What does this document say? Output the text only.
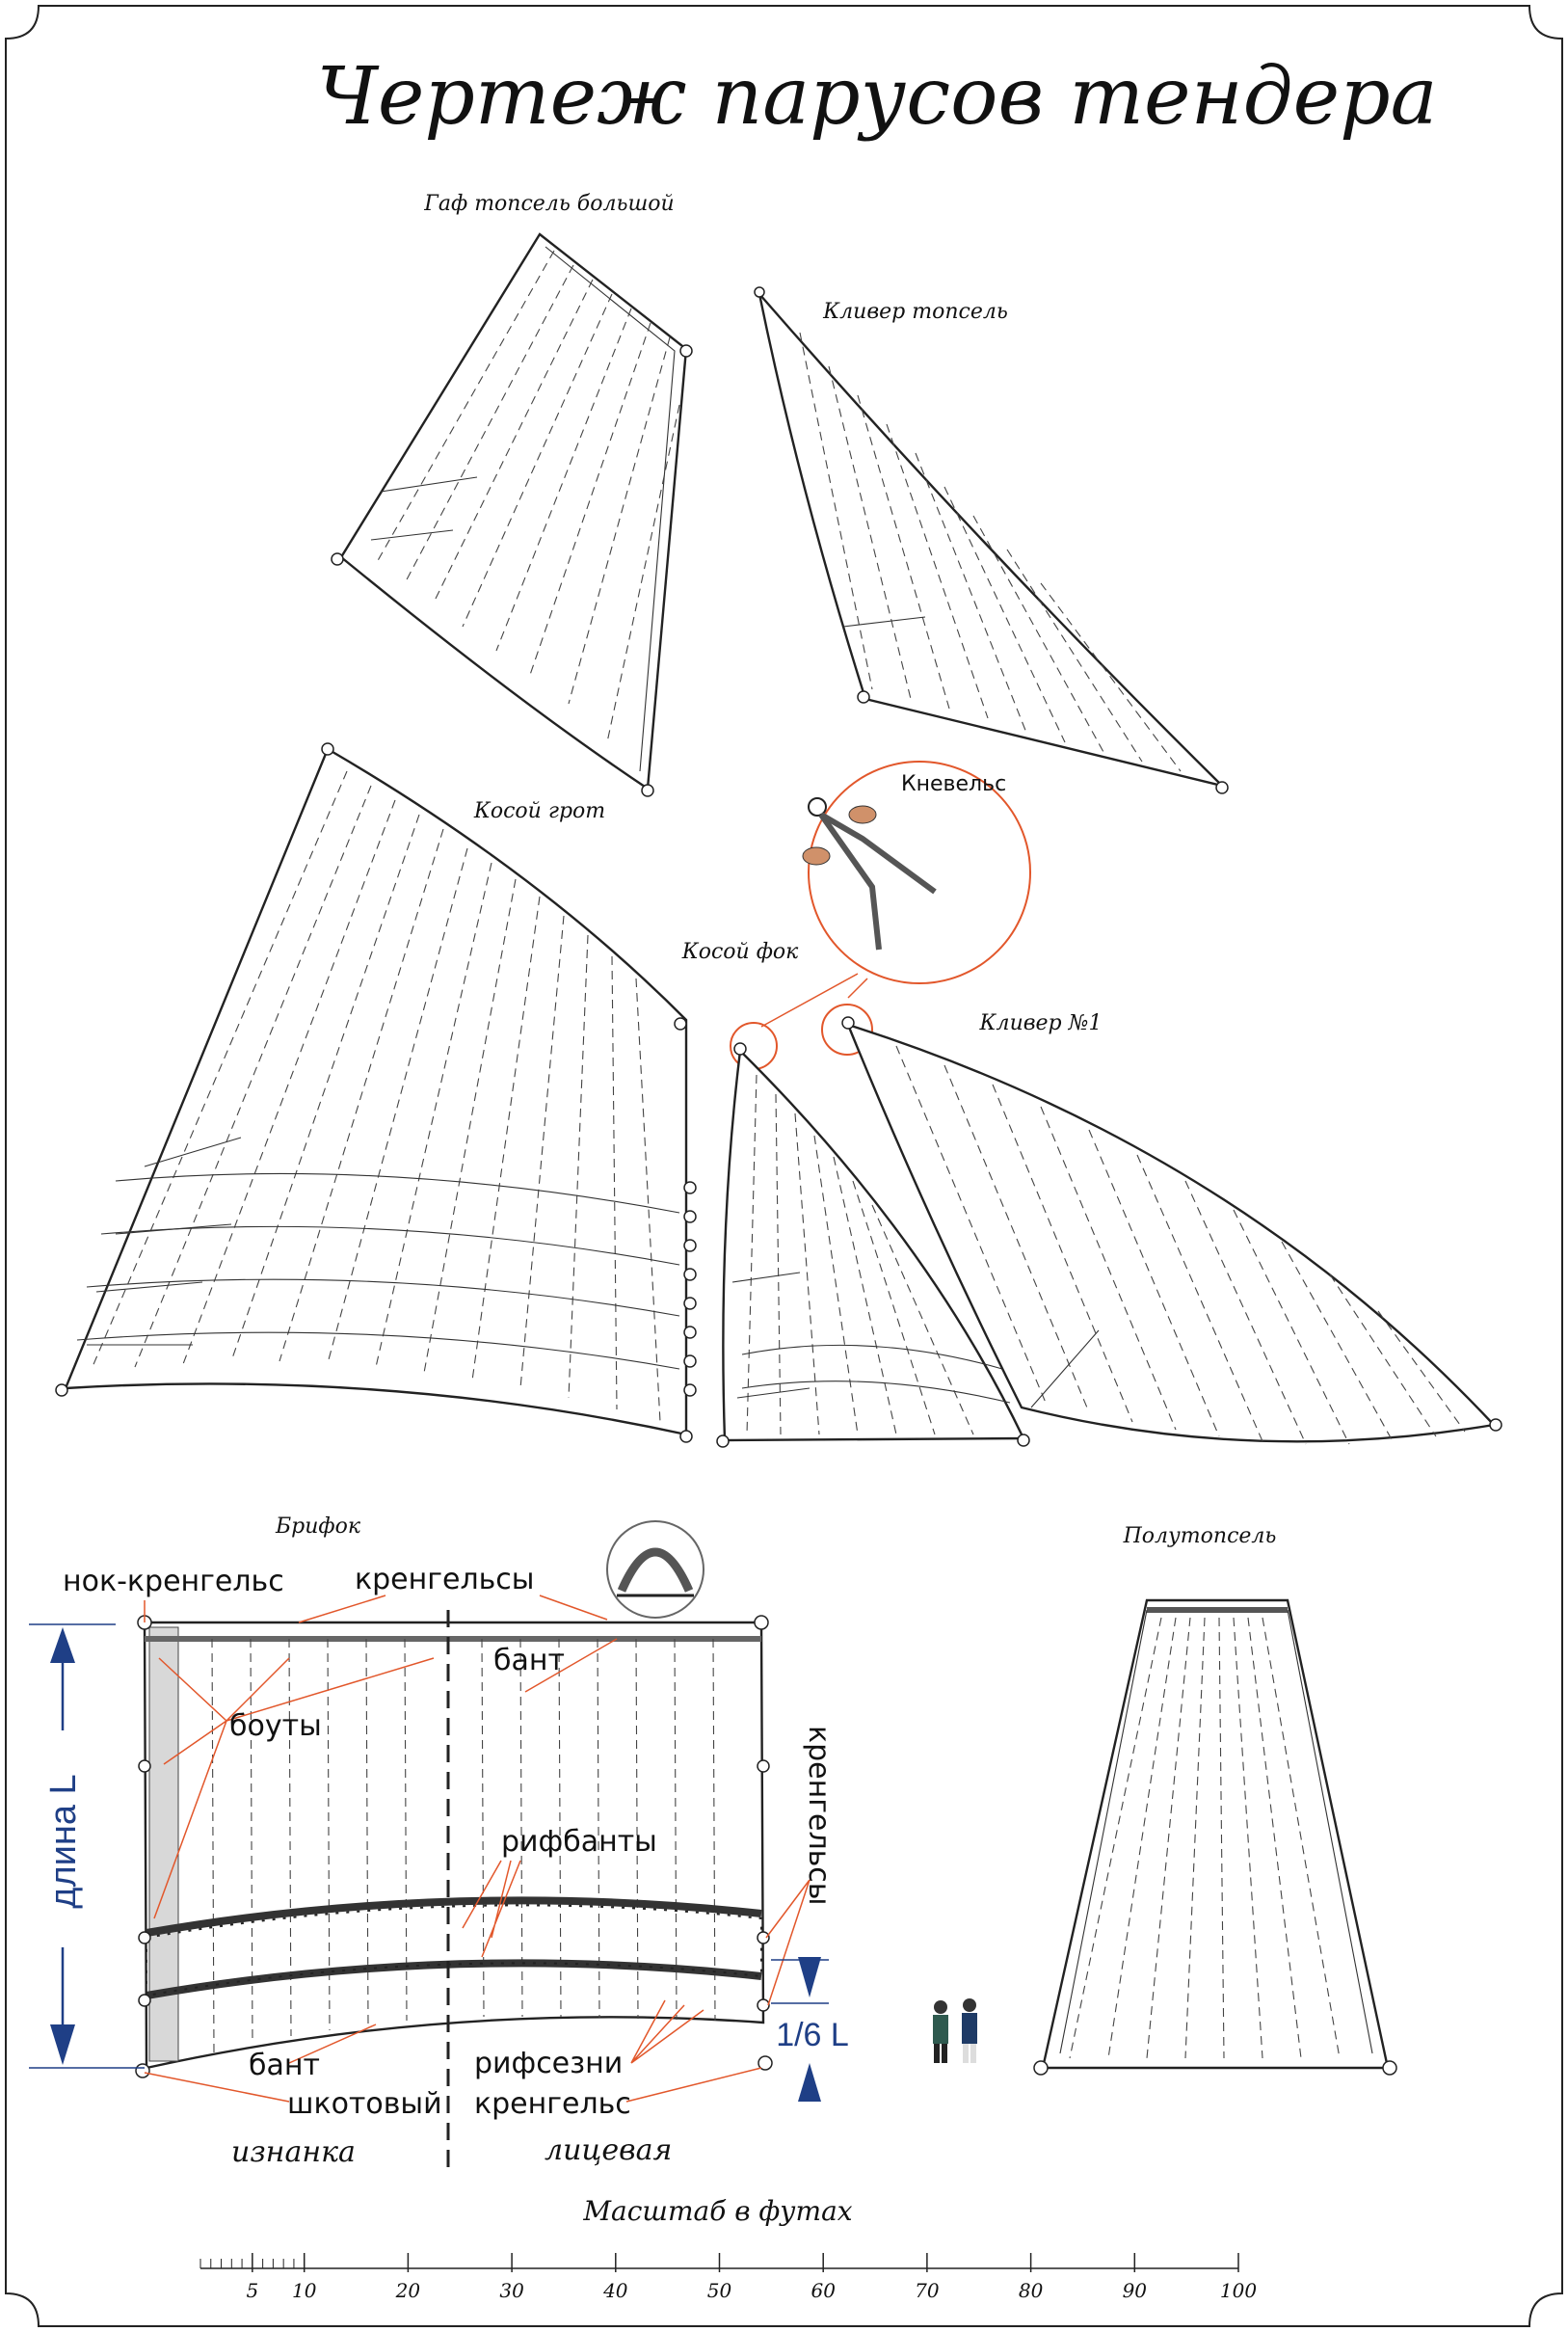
Чертеж парусов тендера
Гаф топсель большой
Кливер топсель
Кневельс
Косой грот
Косой фок
Кливер №1
Брифок
нок-кренгельс кренгельсы
бант
боуты
рифбанты	кренгельсы
бант	рифсезни
шкотовый кренгельс
изнанка	лицевая
длина L
1/6 L
Полутопсель
Масштаб в футах
5 10	20	30	40	50	60	70	80	90	100
